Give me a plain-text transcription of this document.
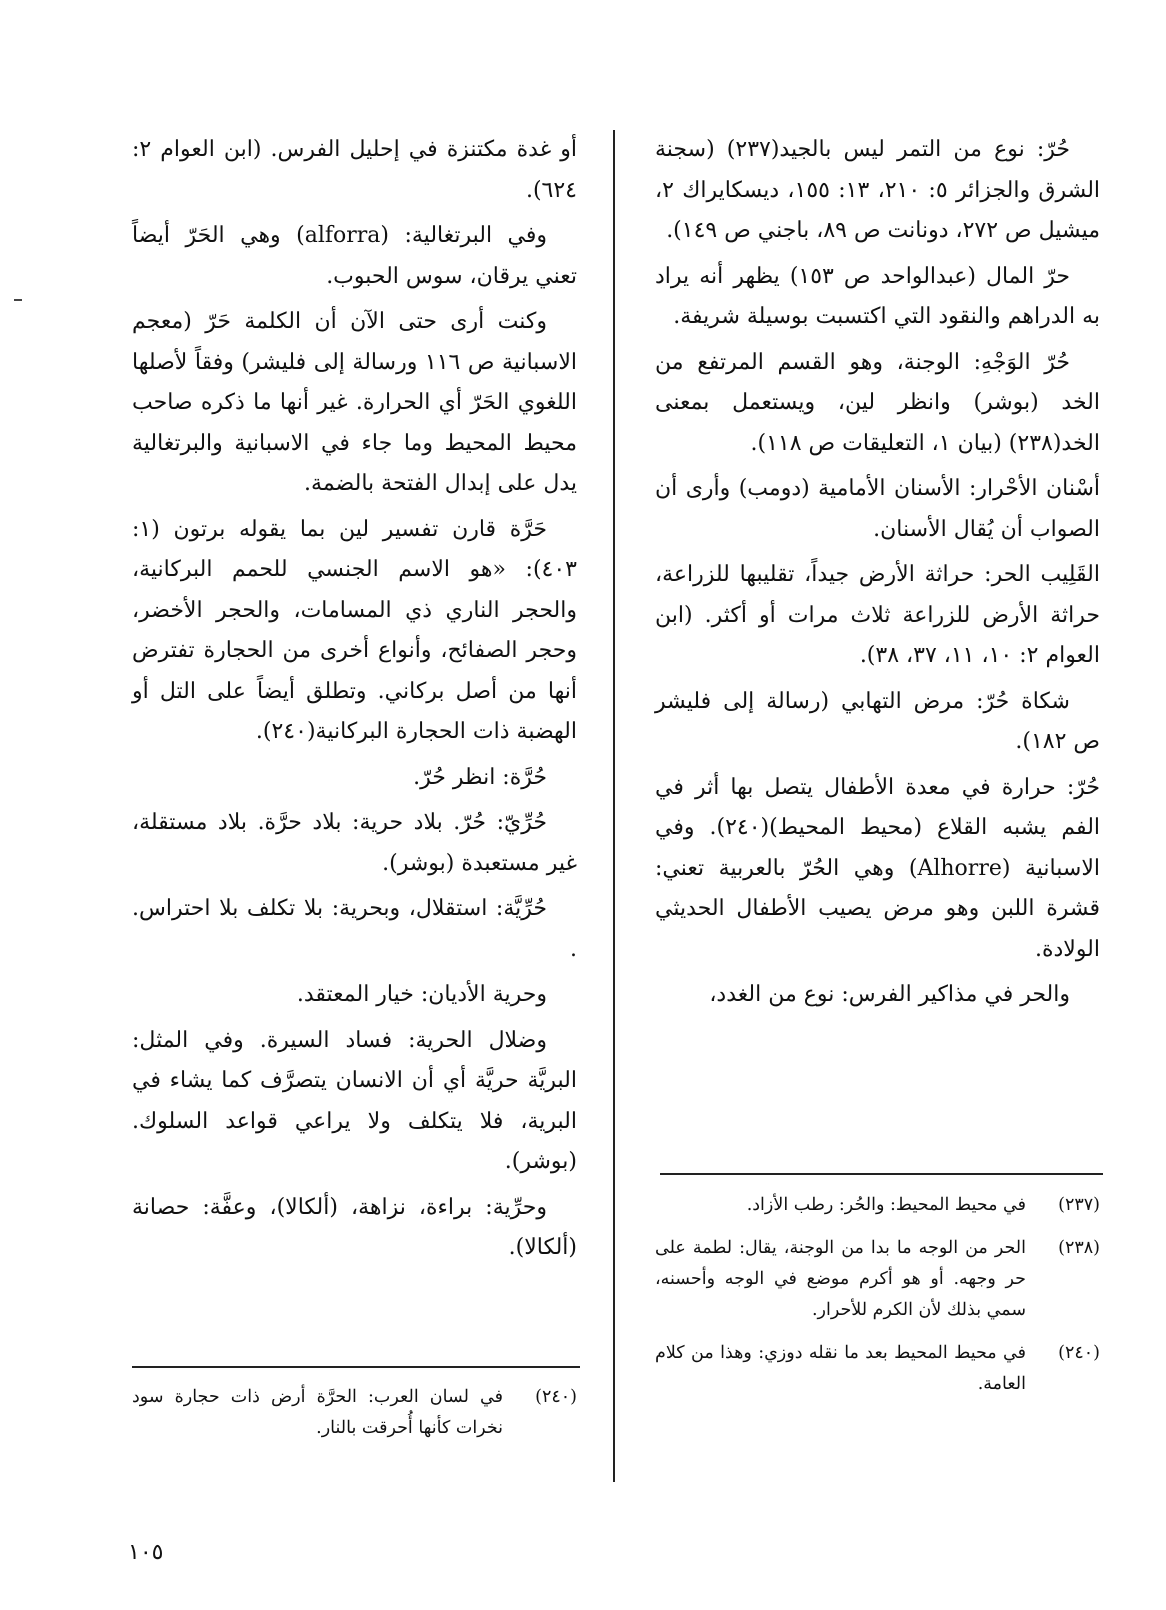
حُرّ: نوع من التمر ليس بالجيد(٢٣٧) (سجنة الشرق والجزائر ٥: ٢١٠، ١٣: ١٥٥، ديسكايراك ٢، ميشيل ص ٢٧٢، دونانت ص ٨٩، باجني ص ١٤٩).

حرّ المال (عبدالواحد ص ١٥٣) يظهر أنه يراد به الدراهم والنقود التي اكتسبت بوسيلة شريفة.

حُرّ الوَجْهِ: الوجنة، وهو القسم المرتفع من الخد (بوشر) وانظر لين، ويستعمل بمعنى الخد(٢٣٨) (بيان ١، التعليقات ص ١١٨).

أسْنان الأحْرار: الأسنان الأمامية (دومب) وأرى أن الصواب أن يُقال الأسنان.

القَلِيب الحر: حراثة الأرض جيداً، تقليبها للزراعة، حراثة الأرض للزراعة ثلاث مرات أو أكثر. (ابن العوام ٢: ١٠، ١١، ٣٧، ٣٨).

شكاة حُرّ: مرض التهابي (رسالة إلى فليشر ص ١٨٢).

حُرّ: حرارة في معدة الأطفال يتصل بها أثر في الفم يشبه القلاع (محيط المحيط)(٢٤٠). وفي الاسبانية (Alhorre) وهي الحُرّ بالعربية تعني: قشرة اللبن وهو مرض يصيب الأطفال الحديثي الولادة.

والحر في مذاكير الفرس: نوع من الغدد،

أو غدة مكتنزة في إحليل الفرس. (ابن العوام ٢: ٦٢٤).

وفي البرتغالية: (alforra) وهي الحَرّ أيضاً تعني يرقان، سوس الحبوب.

وكنت أرى حتى الآن أن الكلمة حَرّ (معجم الاسبانية ص ١١٦ ورسالة إلى فليشر) وفقاً لأصلها اللغوي الحَرّ أي الحرارة. غير أنها ما ذكره صاحب محيط المحيط وما جاء في الاسبانية والبرتغالية يدل على إبدال الفتحة بالضمة.

حَرَّة قارن تفسير لين بما يقوله برتون (١: ٤٠٣): «هو الاسم الجنسي للحمم البركانية، والحجر الناري ذي المسامات، والحجر الأخضر، وحجر الصفائح، وأنواع أخرى من الحجارة تفترض أنها من أصل بركاني. وتطلق أيضاً على التل أو الهضبة ذات الحجارة البركانية(٢٤٠).

حُرَّة: انظر حُرّ.

حُرِّيّ: حُرّ. بلاد حرية: بلاد حرَّة. بلاد مستقلة، غير مستعبدة (بوشر).

حُرِّيَّة: استقلال، وبحرية: بلا تكلف بلا احتراس. .

وحرية الأديان: خيار المعتقد.

وضلال الحرية: فساد السيرة. وفي المثل: البريَّة حريَّة أي أن الانسان يتصرَّف كما يشاء في البرية، فلا يتكلف ولا يراعي قواعد السلوك. (بوشر).

وحرِّية: براءة، نزاهة، (ألكالا)، وعفَّة: حصانة (ألكالا).

(٢٣٧)
في محيط المحيط: والحُر: رطب الأزاد.
(٢٣٨)
الحر من الوجه ما بدا من الوجنة، يقال: لطمة على حر وجهه. أو هو أكرم موضع في الوجه وأحسنه، سمي بذلك لأن الكرم للأحرار.
(٢٤٠)
في محيط المحيط بعد ما نقله دوزي: وهذا من كلام العامة.
(٢٤٠)
في لسان العرب: الحرَّة أرض ذات حجارة سود نخرات كأنها أُحرقت بالنار.
١٠٥
